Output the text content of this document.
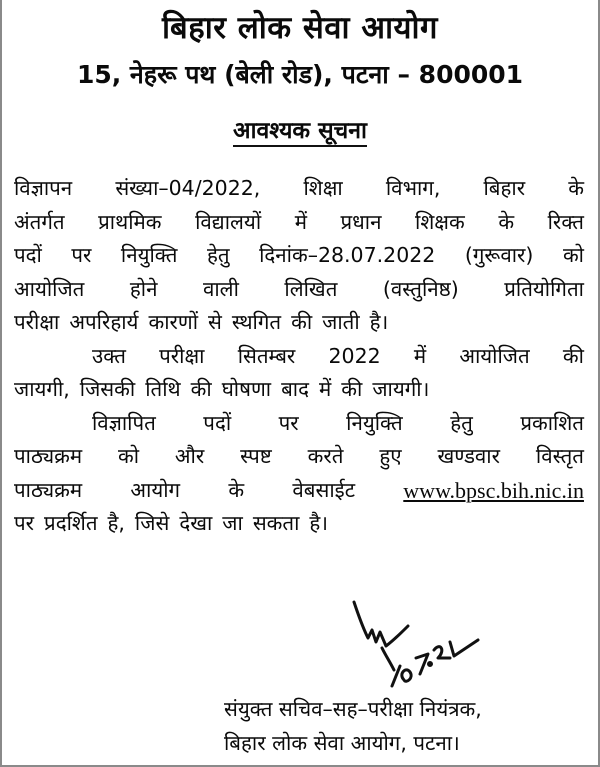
बिहार लोक सेवा आयोग
15, नेहरू पथ (बेली रोड), पटना – 800001
आवश्यक सूचना
विज्ञापन संख्या–04/2022, शिक्षा विभाग, बिहार के
अंतर्गत प्राथमिक विद्यालयों में प्रधान शिक्षक के रिक्त
पदों पर नियुक्ति हेतु दिनांक–28.07.2022 (गुरूवार) को
आयोजित होने वाली लिखित (वस्तुनिष्ठ) प्रतियोगिता
परीक्षा अपरिहार्य कारणों से स्थगित की जाती है।
उक्त परीक्षा सितम्बर 2022 में आयोजित की
जायगी, जिसकी तिथि की घोषणा बाद में की जायगी।
विज्ञापित पदों पर नियुक्ति हेतु प्रकाशित
पाठ्यक्रम को और स्पष्ट करते हुए खण्डवार विस्तृत
पाठ्यक्रम आयोग के वेबसाईट www.bpsc.bih.nic.in
पर प्रदर्शित है, जिसे देखा जा सकता है।
संयुक्त सचिव–सह–परीक्षा नियंत्रक,
बिहार लोक सेवा आयोग, पटना।
